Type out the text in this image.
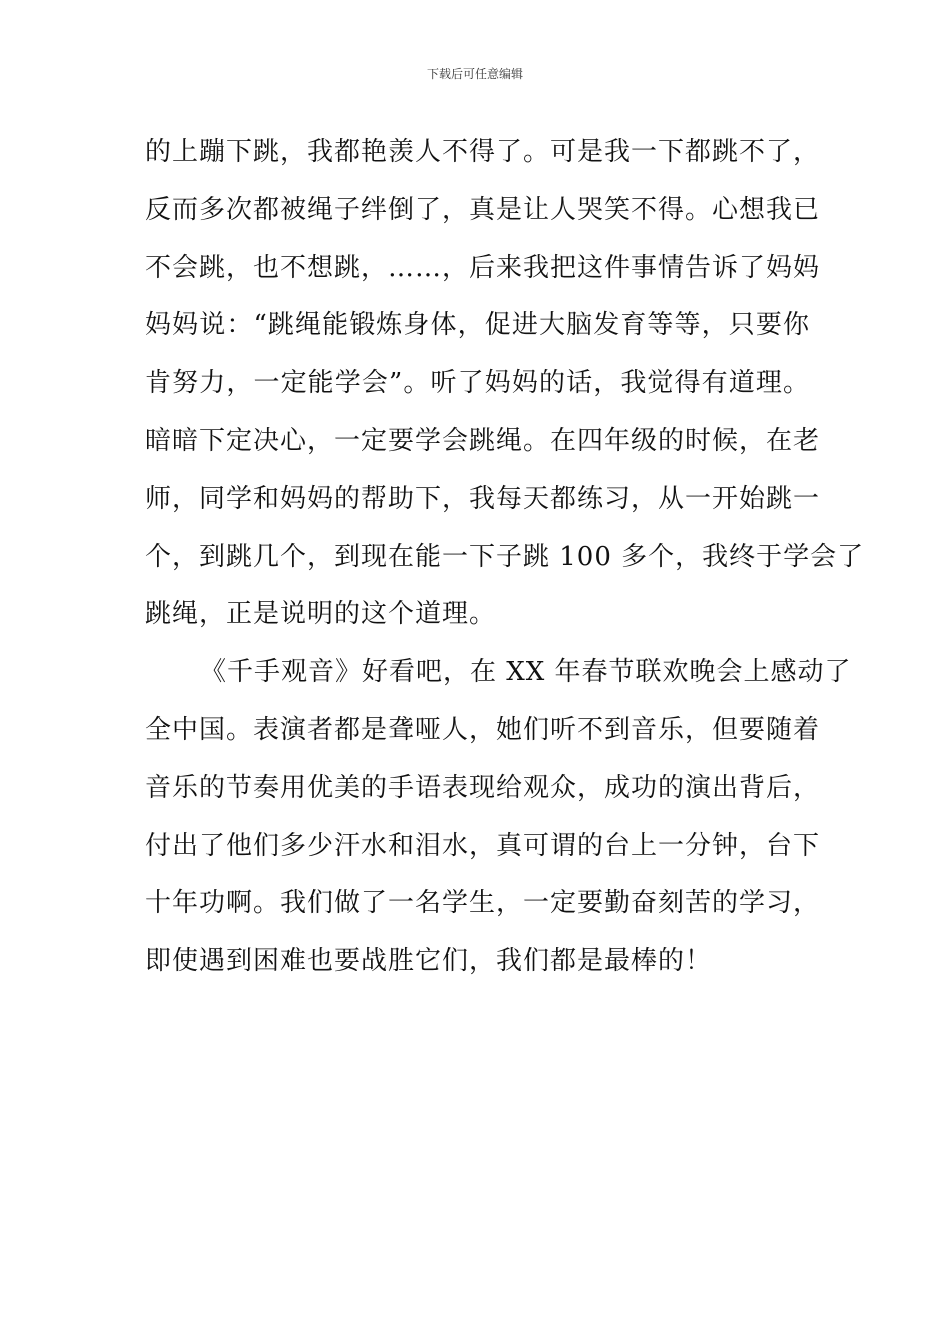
下载后可任意编辑
的上蹦下跳，我都艳羡人不得了。可是我一下都跳不了，
反而多次都被绳子绊倒了，真是让人哭笑不得。心想我已
不会跳，也不想跳，……，后来我把这件事情告诉了妈妈
妈妈说：“跳绳能锻炼身体，促进大脑发育等等，只要你
肯努力，一定能学会”。听了妈妈的话，我觉得有道理。
暗暗下定决心，一定要学会跳绳。在四年级的时候，在老
师，同学和妈妈的帮助下，我每天都练习，从一开始跳一
个，到跳几个，到现在能一下子跳 100 多个，我终于学会了
跳绳，正是说明的这个道理。
《千手观音》好看吧，在 XX 年春节联欢晚会上感动了
全中国。表演者都是聋哑人，她们听不到音乐，但要随着
音乐的节奏用优美的手语表现给观众，成功的演出背后，
付出了他们多少汗水和泪水，真可谓的台上一分钟，台下
十年功啊。我们做了一名学生，一定要勤奋刻苦的学习，
即使遇到困难也要战胜它们，我们都是最棒的！
